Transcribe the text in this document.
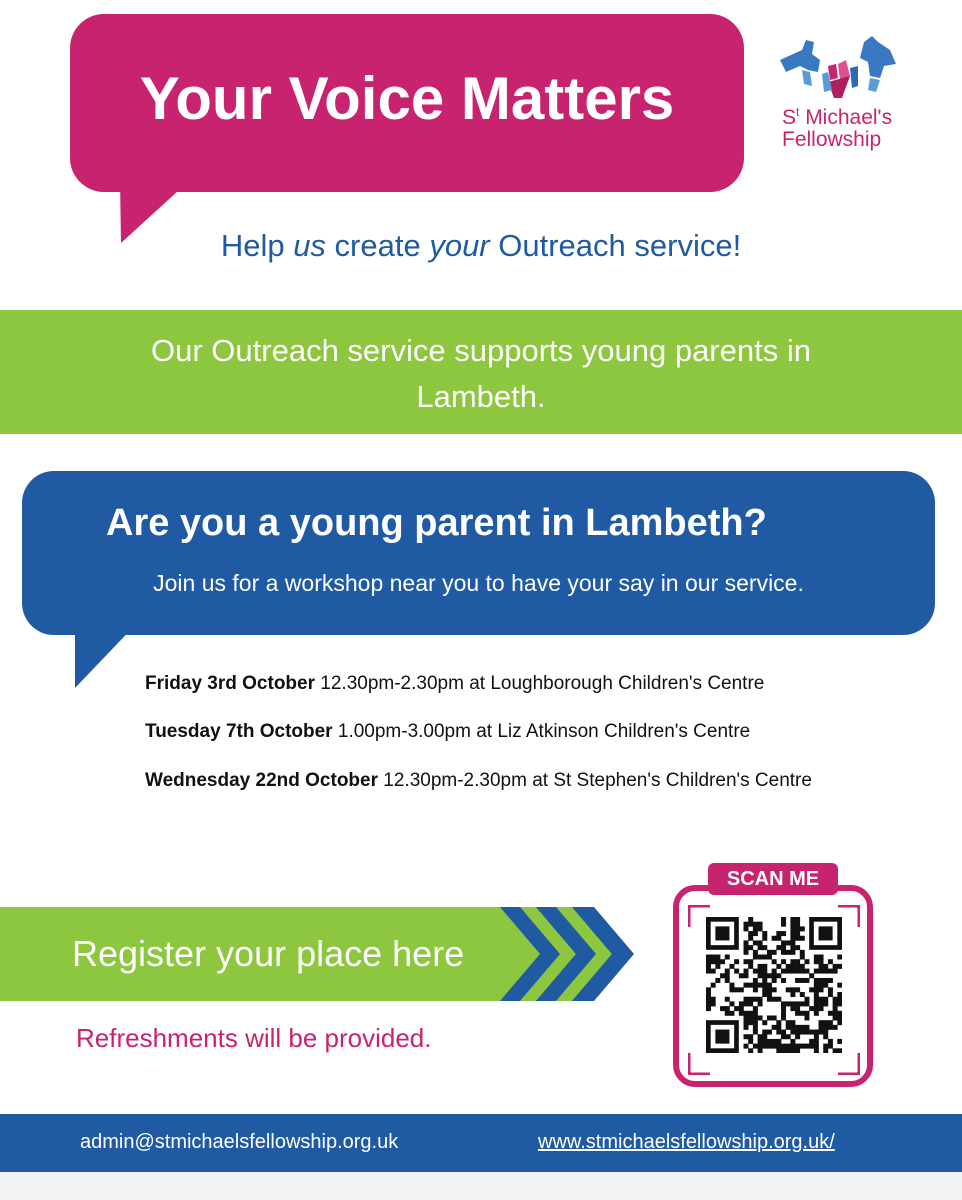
Your Voice Matters
Help us create your Outreach service!
$S^t$ Michael's
Fellowship
Our Outreach service supports young parents in Lambeth.
Are you a young parent in Lambeth?
Join us for a workshop near you to have your say in our service.
Friday 3rd October 12.30pm-2.30pm at Loughborough Children's Centre
Tuesday 7th October 1.00pm-3.00pm at Liz Atkinson Children's Centre
Wednesday 22nd October 12.30pm-2.30pm at St Stephen's Children's Centre
Register your place here
Refreshments will be provided.
SCAN ME
admin@stmichaelsfellowship.org.uk	www.stmichaelsfellowship.org.uk/
